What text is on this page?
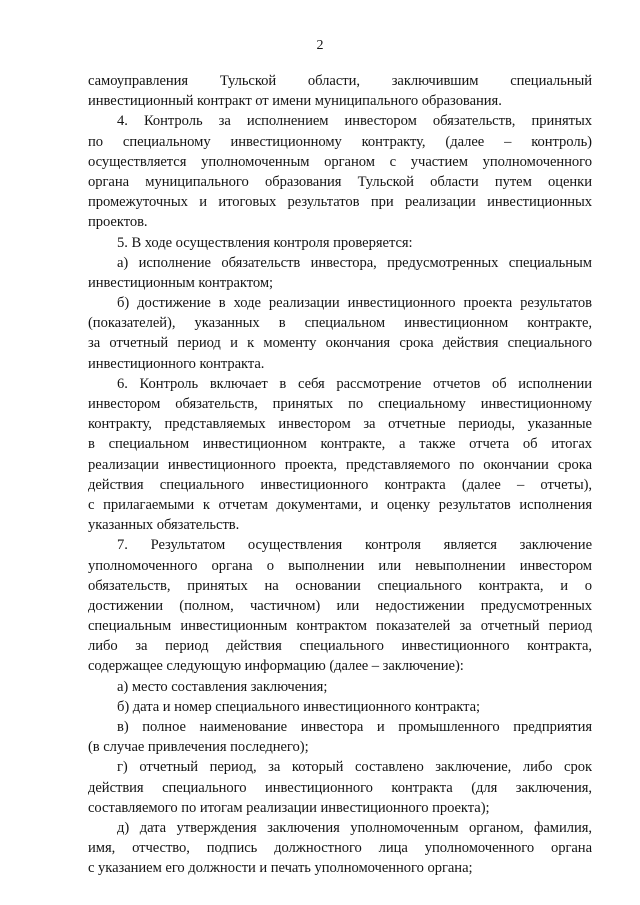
2
самоуправления Тульской области, заключившим специальный
инвестиционный контракт от имени муниципального образования.
4. Контроль за исполнением инвестором обязательств, принятых
по специальному инвестиционному контракту, (далее – контроль)
осуществляется уполномоченным органом с участием уполномоченного
органа муниципального образования Тульской области путем оценки
промежуточных и итоговых результатов при реализации инвестиционных
проектов.
5. В ходе осуществления контроля проверяется:
а) исполнение обязательств инвестора, предусмотренных специальным
инвестиционным контрактом;
б) достижение в ходе реализации инвестиционного проекта результатов
(показателей), указанных в специальном инвестиционном контракте,
за отчетный период и к моменту окончания срока действия специального
инвестиционного контракта.
6. Контроль включает в себя рассмотрение отчетов об исполнении
инвестором обязательств, принятых по специальному инвестиционному
контракту, представляемых инвестором за отчетные периоды, указанные
в специальном инвестиционном контракте, а также отчета об итогах
реализации инвестиционного проекта, представляемого по окончании срока
действия специального инвестиционного контракта (далее – отчеты),
с прилагаемыми к отчетам документами, и оценку результатов исполнения
указанных обязательств.
7. Результатом осуществления контроля является заключение
уполномоченного органа о выполнении или невыполнении инвестором
обязательств, принятых на основании специального контракта, и о
достижении (полном, частичном) или недостижении предусмотренных
специальным инвестиционным контрактом показателей за отчетный период
либо за период действия специального инвестиционного контракта,
содержащее следующую информацию (далее – заключение):
а) место составления заключения;
б) дата и номер специального инвестиционного контракта;
в) полное наименование инвестора и промышленного предприятия
(в случае привлечения последнего);
г) отчетный период, за который составлено заключение, либо срок
действия специального инвестиционного контракта (для заключения,
составляемого по итогам реализации инвестиционного проекта);
д) дата утверждения заключения уполномоченным органом, фамилия,
имя, отчество, подпись должностного лица уполномоченного органа
с указанием его должности и печать уполномоченного органа;
